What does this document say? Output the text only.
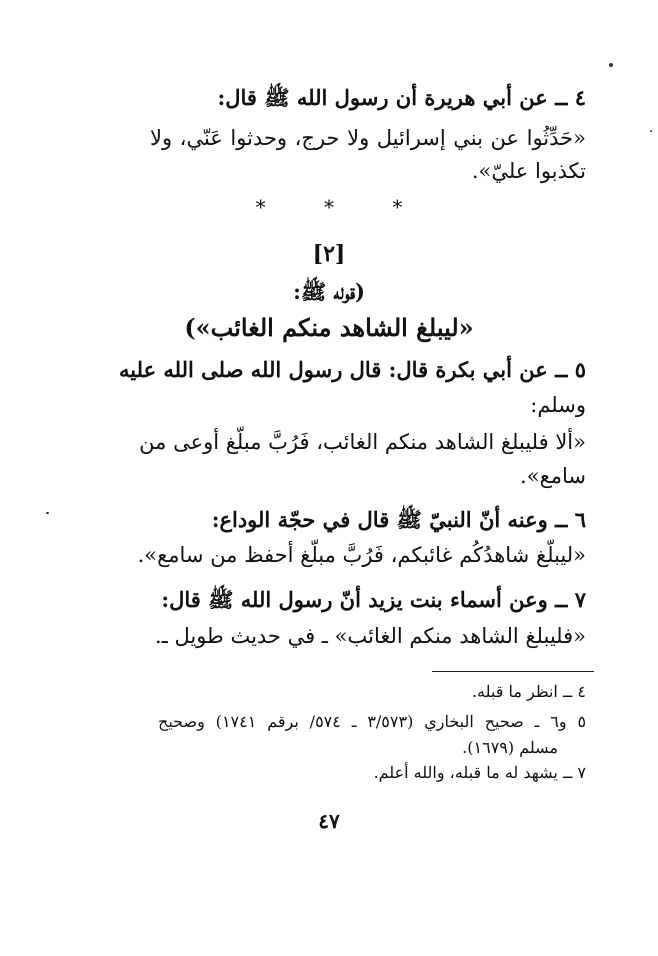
٤ ــ عن أبي هريرة أن رسول الله ﷺ قال:
«حَدِّثُوا عن بني إسرائيل ولا حرج، وحدثوا عَنّي، ولا
تكذبوا عليّ».
* * *
[٢]
(قوله ﷺ:
«ليبلغ الشاهد منكم الغائب»)
٥ ــ عن أبي بكرة قال: قال رسول الله صلى الله عليه
وسلم:
«ألا فليبلغ الشاهد منكم الغائب، فَرُبَّ مبلّغ أوعى من
سامع».
٦ ــ وعنه أنّ النبيّ ﷺ قال في حجّة الوداع:
«ليبلّغ شاهدُكُم غائبكم، فَرُبَّ مبلّغ أحفظ من سامع».
٧ ــ وعن أسماء بنت يزيد أنّ رسول الله ﷺ قال:
«فليبلغ الشاهد منكم الغائب» ـ في حديث طويل ـ.
٤ ــ انظر ما قبله.
٥ و٦ ـ صحيح البخاري (٣/٥٧٣ ـ ٥٧٤/ برقم ١٧٤١) وصحيح
مسلم (١٦٧٩).
٧ ــ يشهد له ما قبله، والله أعلم.
٤٧
